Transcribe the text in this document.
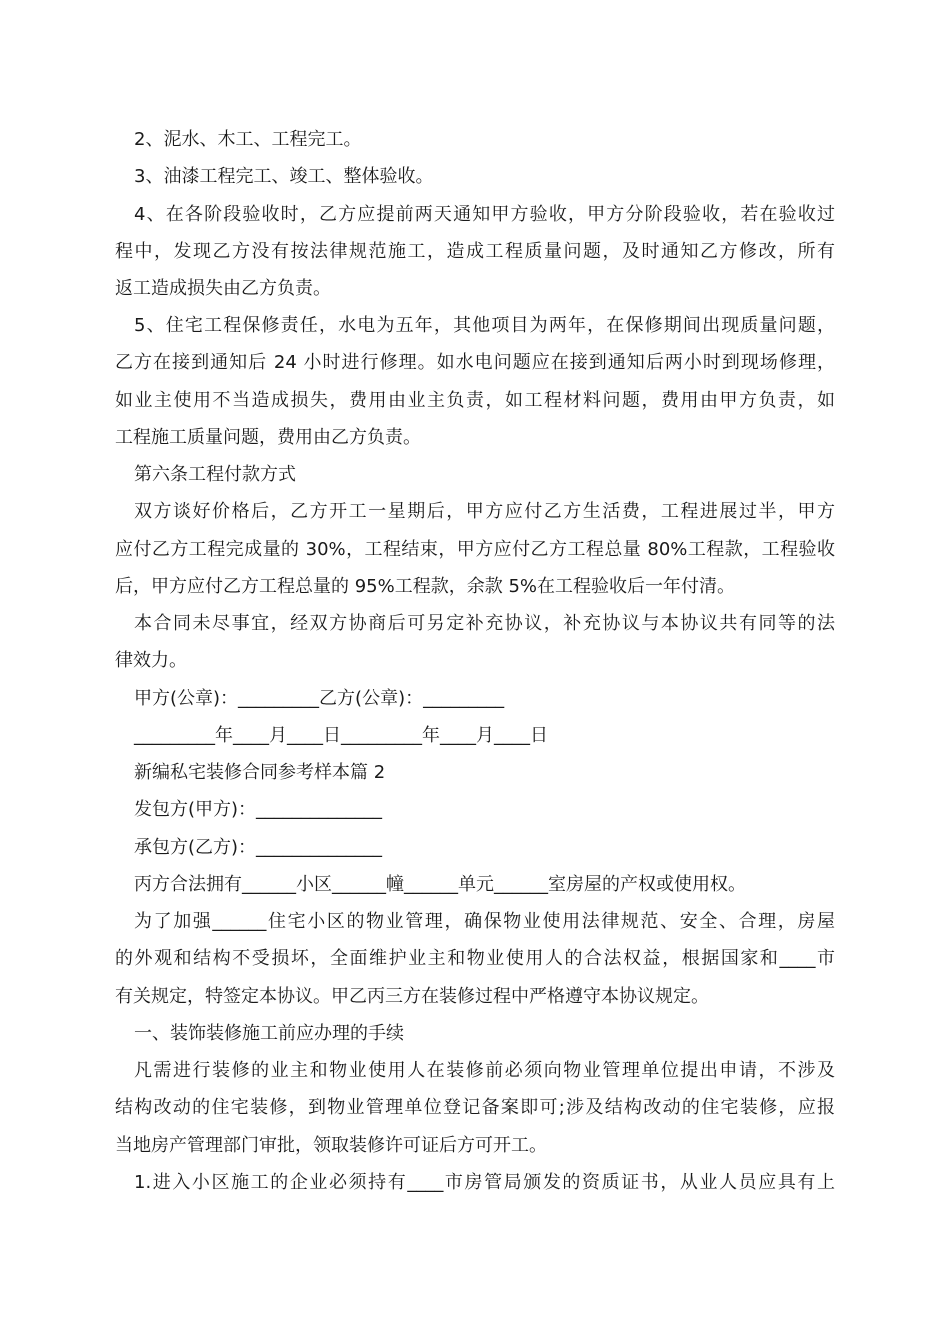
2、泥水、木工、工程完工。
3、油漆工程完工、竣工、整体验收。
4、在各阶段验收时，乙方应提前两天通知甲方验收，甲方分阶段验收，若在验收过
程中，发现乙方没有按法律规范施工，造成工程质量问题，及时通知乙方修改，所有
返工造成损失由乙方负责。
5、住宅工程保修责任，水电为五年，其他项目为两年，在保修期间出现质量问题，
乙方在接到通知后 24 小时进行修理。如水电问题应在接到通知后两小时到现场修理，
如业主使用不当造成损失，费用由业主负责，如工程材料问题，费用由甲方负责，如
工程施工质量问题，费用由乙方负责。
第六条工程付款方式
双方谈好价格后，乙方开工一星期后，甲方应付乙方生活费，工程进展过半，甲方
应付乙方工程完成量的 30%，工程结束，甲方应付乙方工程总量 80%工程款，工程验收
后，甲方应付乙方工程总量的 95%工程款，余款 5%在工程验收后一年付清。
本合同未尽事宜，经双方协商后可另定补充协议，补充协议与本协议共有同等的法
律效力。
甲方(公章)：_________乙方(公章)：_________
_________年____月____日_________年____月____日
新编私宅装修合同参考样本篇 2
发包方(甲方)：______________
承包方(乙方)：______________
丙方合法拥有______小区______幢______单元______室房屋的产权或使用权。
为了加强______住宅小区的物业管理，确保物业使用法律规范、安全、合理，房屋
的外观和结构不受损坏，全面维护业主和物业使用人的合法权益，根据国家和____市
有关规定，特签定本协议。甲乙丙三方在装修过程中严格遵守本协议规定。
一、装饰装修施工前应办理的手续
凡需进行装修的业主和物业使用人在装修前必须向物业管理单位提出申请，不涉及
结构改动的住宅装修，到物业管理单位登记备案即可;涉及结构改动的住宅装修，应报
当地房产管理部门审批，领取装修许可证后方可开工。
1.进入小区施工的企业必须持有____市房管局颁发的资质证书，从业人员应具有上
